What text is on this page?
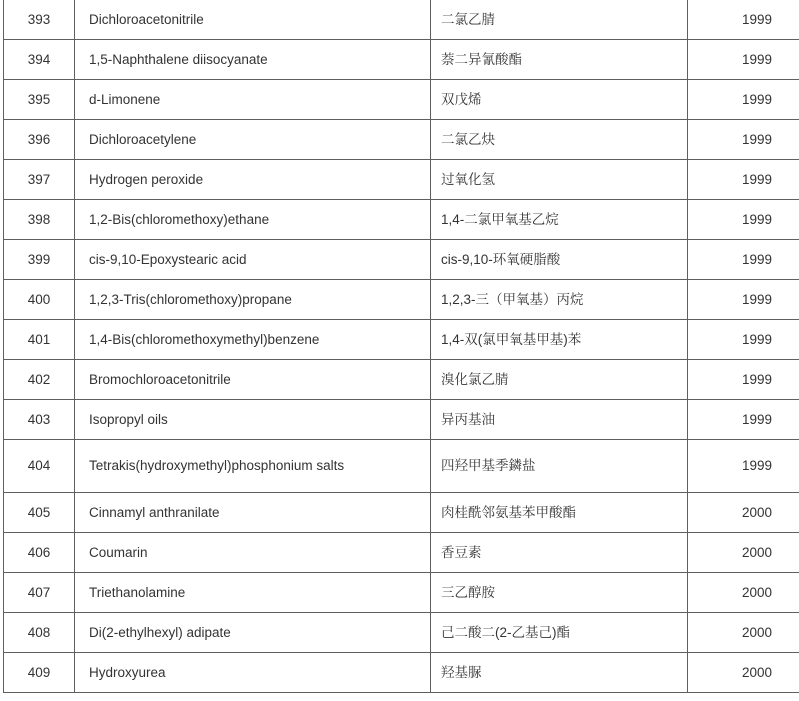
393	Dichloroacetonitrile	二氯乙腈	1999
394	1,5-Naphthalene diisocyanate	萘二异氰酸酯	1999
395	d-Limonene	双戊烯	1999
396	Dichloroacetylene	二氯乙炔	1999
397	Hydrogen peroxide	过氧化氢	1999
398	1,2-Bis(chloromethoxy)ethane	1,4-二氯甲氧基乙烷	1999
399	cis-9,10-Epoxystearic acid	cis-9,10-环氧硬脂酸	1999
400	1,2,3-Tris(chloromethoxy)propane	1,2,3-三（甲氧基）丙烷	1999
401	1,4-Bis(chloromethoxymethyl)benzene	1,4-双(氯甲氧基甲基)苯	1999
402	Bromochloroacetonitrile	溴化氯乙腈	1999
403	Isopropyl oils	异丙基油	1999
404	Tetrakis(hydroxymethyl)phosphonium salts	四羟甲基季鏻盐	1999
405	Cinnamyl anthranilate	肉桂酰邻氨基苯甲酸酯	2000
406	Coumarin	香豆素	2000
407	Triethanolamine	三乙醇胺	2000
408	Di(2-ethylhexyl) adipate	己二酸二(2-乙基己)酯	2000
409	Hydroxyurea	羟基脲	2000
